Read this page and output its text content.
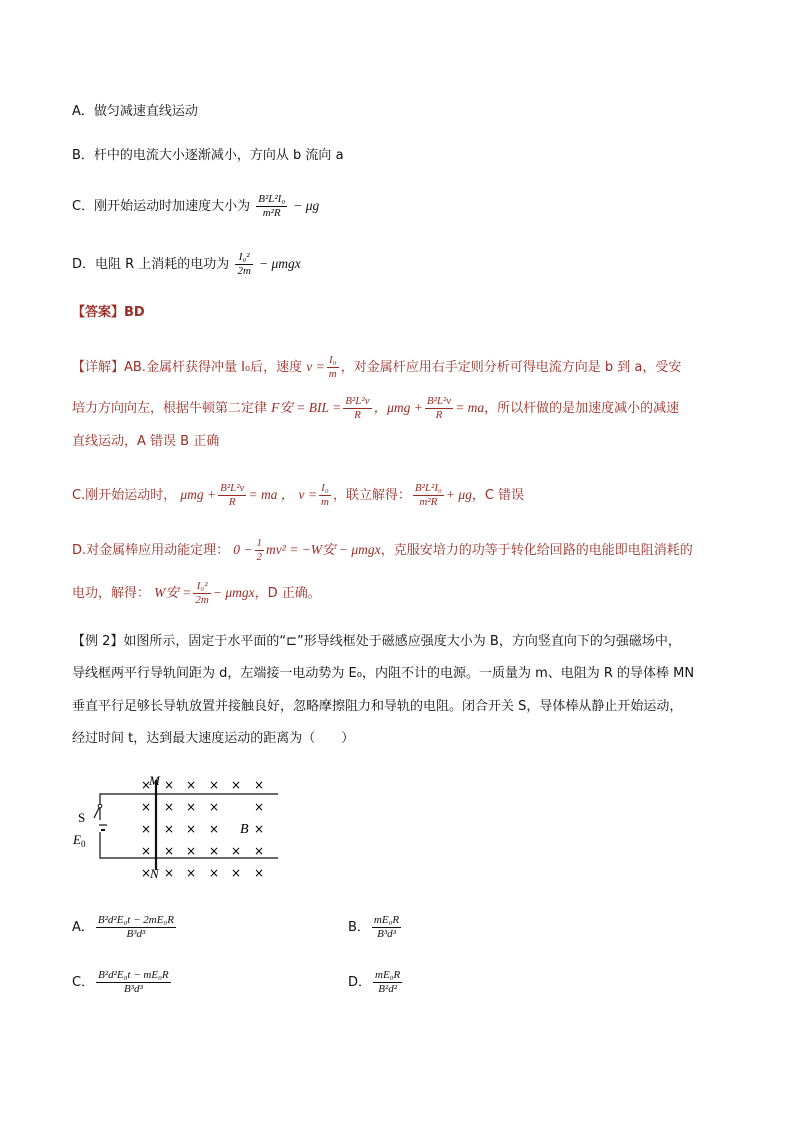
A．做匀减速直线运动
B．杆中的电流大小逐渐减小，方向从 b 流向 a
C．刚开始运动时加速度大小为 $\frac{\text{B²L²I₀}}{\text{m²R}} - \mu g$
D．电阻 R 上消耗的电功为 $\frac{\text{I₀²}}{2m} - \mu mgx$
【答案】BD
【详解】AB.金属杆获得冲量 I₀后，速度 $v = \frac{\text{I₀}}{m}$ ，对金属杆应用右手定则分析可得电流方向是 b 到 a，受安
培力方向向左，根据牛顿第二定律 F安 = BIL = $\frac{\text{B²L²v}}{R}$ ，$\mu mg + \frac{\text{B²L²v}}{R}$ = ma，所以杆做的是加速度减小的减速
直线运动，A 错误 B 正确
C.刚开始运动时， $\mu mg + \frac{\text{B²L²v}}{R}$ = ma ， $v = \frac{\text{I₀}}{m}$ ，联立解得： $\frac{\text{B²L²I₀}}{\text{m²R}} + \mu g$，C 错误
D.对金属棒应用动能定理： $0 - \frac{1}{2} mv^2 = -W$安 − μmgx，克服安培力的功等于转化给回路的电能即电阻消耗的
电功，解得： W安 = $\frac{\text{I₀²}}{2m} - \mu mgx$，D 正确。
【例 2】如图所示，固定于水平面的“⊏”形导线框处于磁感应强度大小为 B，方向竖直向下的匀强磁场中，
导线框两平行导轨间距为 d，左端接一电动势为 E₀，内阻不计的电源。一质量为 m、电阻为 R 的导体棒 MN
垂直平行足够长导轨放置并接触良好，忽略摩擦阻力和导轨的电阻。闭合开关 S，导体棒从静止开始运动，
经过时间 t，达到最大速度运动的距离为（　　）
M
N
S
$E_0$
B
× × × × × ×
× × × ×	×
× × × ×	×
× × × × × ×
× × × × × ×
A． $\frac{\text{B²d²E₀t − 2mE₀R}}{\text{B³d³}}$	B． $\frac{\text{mE₀R}}{\text{B³d³}}$
C． $\frac{\text{B²d²E₀t − mE₀R}}{\text{B³d³}}$	D． $\frac{\text{mE₀R}}{\text{B²d²}}$
